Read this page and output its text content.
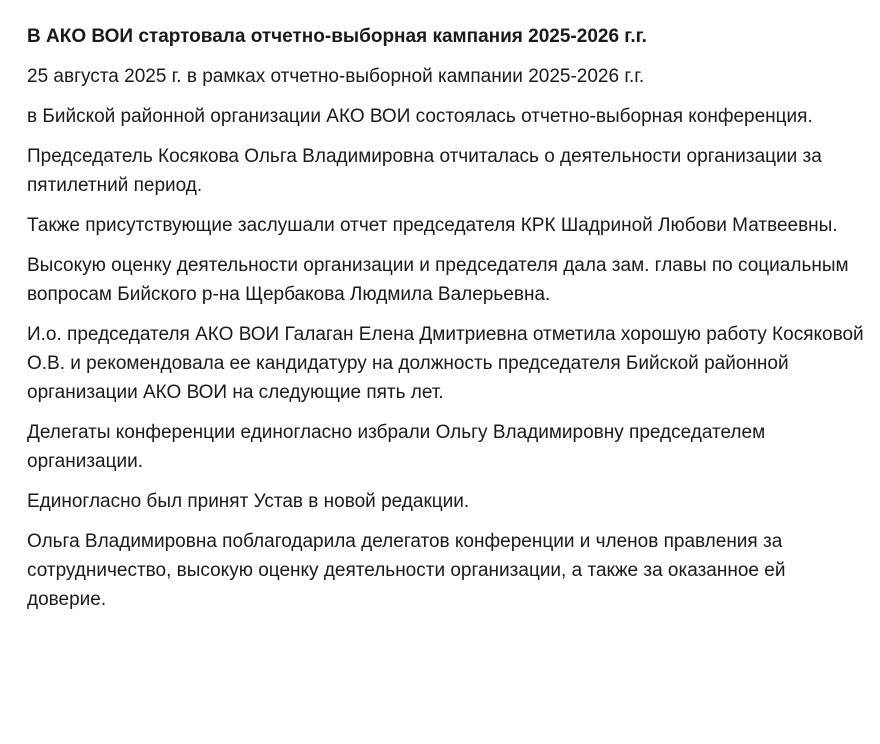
В АКО ВОИ стартовала отчетно-выборная кампания 2025-2026 г.г.
25 августа 2025 г. в рамках отчетно-выборной кампании 2025-2026 г.г.
в Бийской районной организации АКО ВОИ состоялась отчетно-выборная конференция.
Председатель Косякова Ольга Владимировна отчиталась о деятельности организации за пятилетний период.
Также присутствующие заслушали отчет председателя КРК Шадриной Любови Матвеевны.
Высокую оценку деятельности организации и председателя дала зам. главы по социальным вопросам Бийского р-на Щербакова Людмила Валерьевна.
И.о. председателя АКО ВОИ Галаган Елена Дмитриевна отметила хорошую работу Косяковой О.В. и рекомендовала ее кандидатуру на должность председателя Бийской районной организации АКО ВОИ на следующие пять лет.
Делегаты конференции единогласно избрали Ольгу Владимировну председателем организации.
Единогласно был принят Устав в новой редакции.
Ольга Владимировна поблагодарила делегатов конференции и членов правления за сотрудничество, высокую оценку деятельности организации, а также за оказанное ей доверие.
